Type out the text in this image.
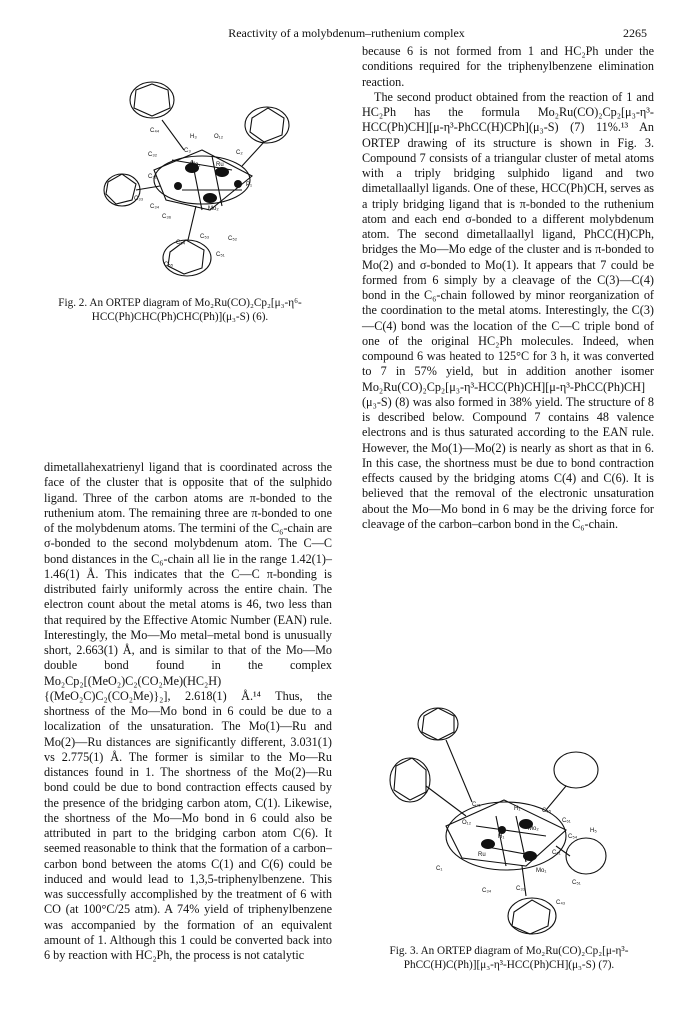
Reactivity of a molybdenum–ruthenium complex	2265
C₄₄
H₃	O₁₂
C₃₂
C₃	C₂
C₃₁
Mo₁	Ru
P₁
C₃₃
C₃₄
C₃₆
Mo₂
C₅₅
C₅₃	C₅₂
C₅₄
C₅₁
Fig. 2. An ORTEP diagram of Mo₂Ru(CO)₂Cp₂[μ₃-η⁶-HCC(Ph)CHC(Ph)CHC(Ph)](μ₃-S) (6).
C₂₁
H₁	C₅₅
C₆₁
O₁₂
Mo₂
C₅₄
H₅
H₁
Ru
C₁
C₆₁
Mo₁
C₃₄	C₃₃
C₅₁
C₄₃
Fig. 3. An ORTEP diagram of Mo₂Ru(CO)₂Cp₂[μ-η³-PhCC(H)C(Ph)][μ₃-η³-HCC(Ph)CH](μ₃-S) (7).

dimetallahexatrienyl ligand that is coordinated across the face of the cluster that is opposite that of the sulphido ligand. Three of the carbon atoms are π-bonded to the ruthenium atom. The remaining three are π-bonded to one of the molybdenum atoms. The termini of the C₆-chain are σ-bonded to the second molybdenum atom. The C—C bond distances in the C₆-chain all lie in the range 1.42(1)–1.46(1) Å. This indicates that the C—C π-bonding is distributed fairly uniformly across the entire chain. The electron count about the metal atoms is 46, two less than that required by the Effective Atomic Number (EAN) rule. Interestingly, the Mo—Mo metal–metal bond is unusually short, 2.663(1) Å, and is similar to that of the Mo—Mo double bond found in the complex Mo₂Cp₂[(MeO₂)C₂(CO₂Me)(HC₂H){(MeO₂C)C₂(CO₂Me)}₂], 2.618(1) Å.¹⁴ Thus, the shortness of the Mo—Mo bond in 6 could be due to a localization of the unsaturation. The Mo(1)—Ru and Mo(2)—Ru distances are significantly different, 3.031(1) vs 2.775(1) Å. The former is similar to the Mo—Ru distances found in 1. The shortness of the Mo(2)—Ru bond could be due to bond contraction effects caused by the presence of the bridging carbon atom, C(1). Likewise, the shortness of the Mo—Mo bond in 6 could also be attributed in part to the bridging carbon atom C(6). It seemed reasonable to think that the formation of a carbon–carbon bond between the atoms C(1) and C(6) could be induced and would lead to 1,3,5-triphenylbenzene. This was successfully accomplished by the treatment of 6 with CO (at 100°C/25 atm). A 74% yield of triphenylbenzene was accompanied by the formation of an equivalent amount of 1. Although this 1 could be converted back into 6 by reaction with HC₂Ph, the process is not catalytic

because 6 is not formed from 1 and HC₂Ph under the conditions required for the triphenylbenzene elimination reaction.

The second product obtained from the reaction of 1 and HC₂Ph has the formula Mo₂Ru(CO)₂Cp₂[μ₃-η³-HCC(Ph)CH][μ-η³-PhCC(H)CPh](μ₃-S) (7) 11%.¹³ An ORTEP drawing of its structure is shown in Fig. 3. Compound 7 consists of a triangular cluster of metal atoms with a triply bridging sulphido ligand and two dimetallaallyl ligands. One of these, HCC(Ph)CH, serves as a triply bridging ligand that is π-bonded to the ruthenium atom and each end σ-bonded to a different molybdenum atom. The second dimetallaallyl ligand, PhCC(H)CPh, bridges the Mo—Mo edge of the cluster and is π-bonded to Mo(2) and σ-bonded to Mo(1). It appears that 7 could be formed from 6 simply by a cleavage of the C(3)—C(4) bond in the C₆-chain followed by minor reorganization of the coordination to the metal atoms. Interestingly, the C(3)—C(4) bond was the location of the C—C triple bond of one of the original HC₂Ph molecules. Indeed, when compound 6 was heated to 125°C for 3 h, it was converted to 7 in 57% yield, but in addition another isomer Mo₂Ru(CO)₂Cp₂[μ₃-η³-HCC(Ph)CH][μ-η³-PhCC(Ph)CH](μ₃-S) (8) was also formed in 38% yield. The structure of 8 is described below. Compound 7 contains 48 valence electrons and is thus saturated according to the EAN rule. However, the Mo(1)—Mo(2) is nearly as short as that in 6. In this case, the shortness must be due to bond contraction effects caused by the bridging atoms C(4) and C(6). It is believed that the removal of the electronic unsaturation about the Mo—Mo bond in 6 may be the driving force for cleavage of the carbon–carbon bond in the C₆-chain.
